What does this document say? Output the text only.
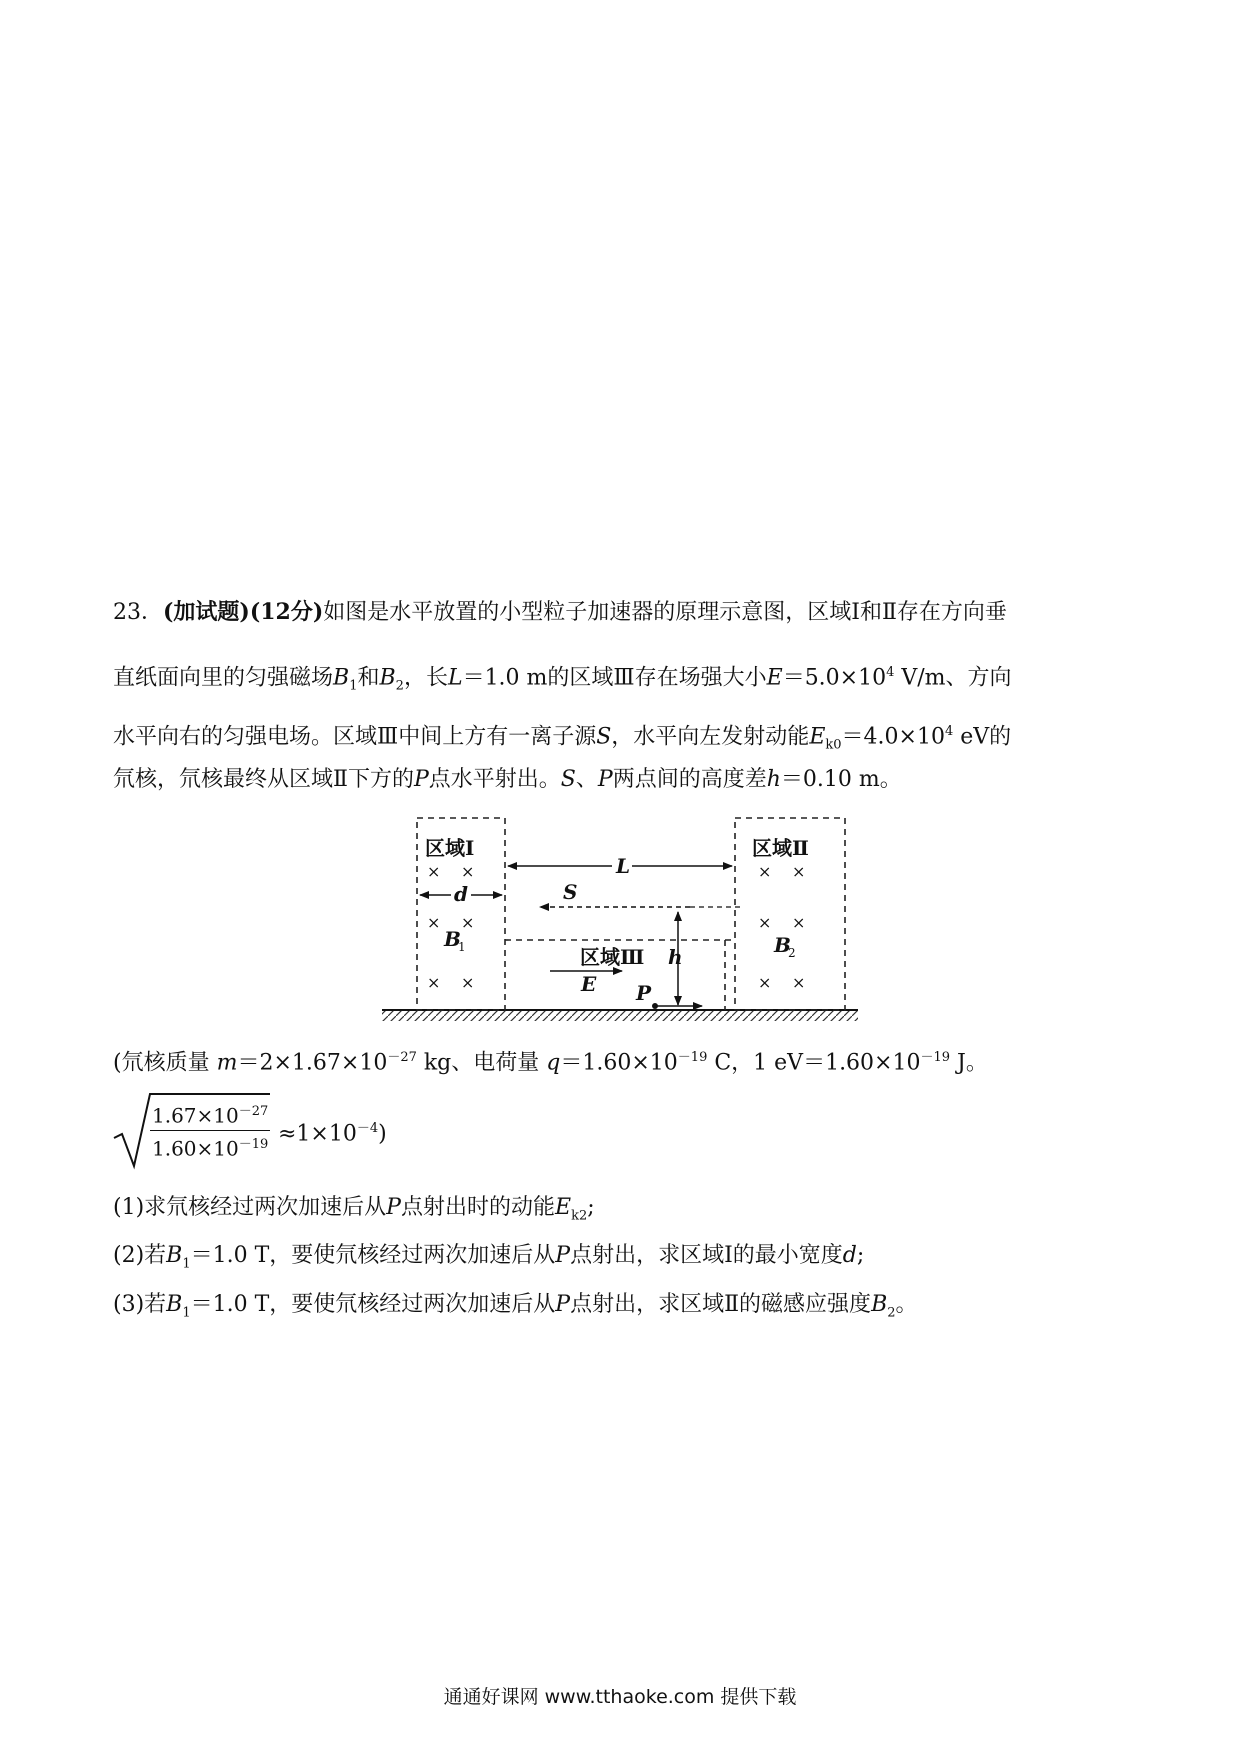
23．(加试题)(12分)如图是水平放置的小型粒子加速器的原理示意图，区域Ⅰ和Ⅱ存在方向垂
直纸面向里的匀强磁场$B_1$和$B_2$，长L＝1.0 m的区域Ⅲ存在场强大小$E=5.0\times 10^4$ V/m、方向
水平向右的匀强电场。区域Ⅲ中间上方有一离子源S，水平向左发射动能$E_{k0}=4.0\times 10^4$ eV的
氘核，氘核最终从区域Ⅱ下方的P点水平射出。S、P两点间的高度差h＝0.10 m。
区域Ⅰ	区域Ⅱ
区域Ⅲ
L
d	S
h
B
1	B
2
E P
× ×
× ×
× ×
× ×
× ×
× ×
(氘核质量 $m=2\times 1.67\times 10^{-27}$ kg、电荷量 $q=1.60\times 10^{-19}$ C，1 $eV=1.60\times 10^{-19}$ J。
$\frac{1.67\times 10^{-27}}{1.60\times 10^{-19}} \approx 1\times 10^{-4}$)
(1)求氘核经过两次加速后从P点射出时的动能$E_{k2}$;
(2)若$B_1=1.0$ T，要使氘核经过两次加速后从P点射出，求区域Ⅰ的最小宽度d;
(3)若$B_1=1.0$ T，要使氘核经过两次加速后从P点射出，求区域Ⅱ的磁感应强度$B_2$。
通通好课网 www.tthaoke.com 提供下载
